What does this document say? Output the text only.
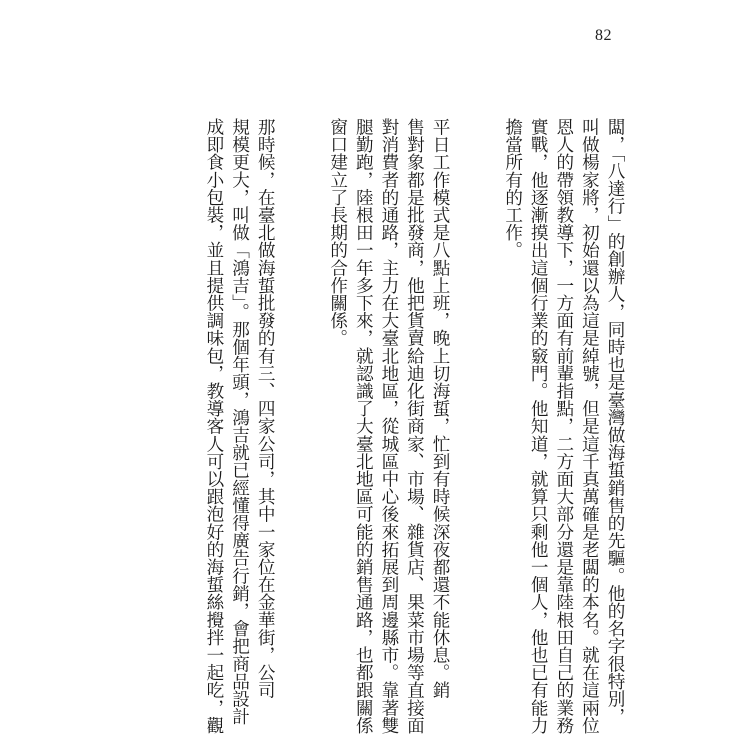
82
闆，「八達行」的創辦人，同時也是臺灣做海蜇銷售的先驅。他的名字很特別，
叫做楊家將，初始還以為這是綽號，但是這千真萬確是老闆的本名。就在這兩位
恩人的帶領教導下，一方面有前輩指點，二方面大部分還是靠陸根田自己的業務
實戰，他逐漸摸出這個行業的竅門。他知道，就算只剩他一個人，他也已有能力
擔當所有的工作。
平日工作模式是八點上班，晚上切海蜇，忙到有時候深夜都還不能休息。銷
售對象都是批發商，他把貨賣給迪化街商家、市場、雜貨店、果菜市場等直接面
對消費者的通路，主力在大臺北地區，從城區中心後來拓展到周邊縣市。靠著雙
腿勤跑，陸根田一年多下來，就認識了大臺北地區可能的銷售通路，也都跟關係
窗口建立了長期的合作關係。
那時候，在臺北做海蜇批發的有三、四家公司，其中一家位在金華街，公司
規模更大，叫做「鴻吉」。那個年頭，鴻吉就已經懂得廣告行銷，會把商品設計
成即食小包裝，並且提供調味包，教導客人可以跟泡好的海蜇絲攪拌一起吃，觀
